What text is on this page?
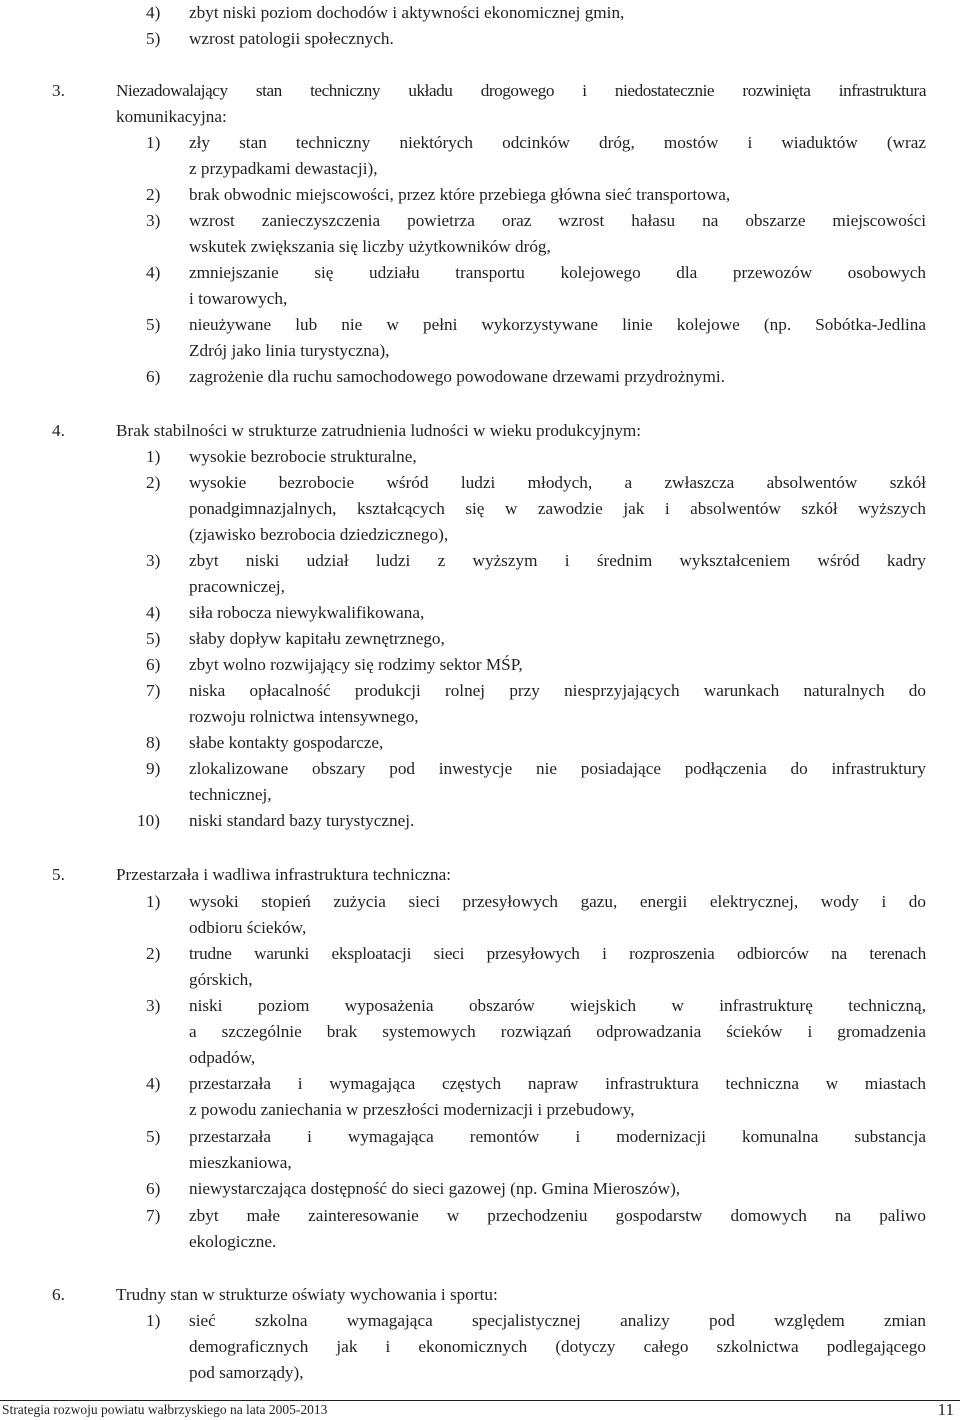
4) zbyt niski poziom dochodów i aktywności ekonomicznej gmin,
5) wzrost patologii społecznych.
3.	Niezadowalający stan techniczny układu drogowego i niedostatecznie rozwinięta infrastruktura
komunikacyjna:
1) zły stan techniczny niektórych odcinków dróg, mostów i wiaduktów (wraz
z przypadkami dewastacji),
2) brak obwodnic miejscowości, przez które przebiega główna sieć transportowa,
3) wzrost zanieczyszczenia powietrza oraz wzrost hałasu na obszarze miejscowości
wskutek zwiększania się liczby użytkowników dróg,
4) zmniejszanie się udziału transportu kolejowego dla przewozów osobowych
i towarowych,
5) nieużywane lub nie w pełni wykorzystywane linie kolejowe (np. Sobótka-Jedlina
Zdrój jako linia turystyczna),
6) zagrożenie dla ruchu samochodowego powodowane drzewami przydrożnymi.
4.	Brak stabilności w strukturze zatrudnienia ludności w wieku produkcyjnym:
1) wysokie bezrobocie strukturalne,
2) wysokie bezrobocie wśród ludzi młodych, a zwłaszcza absolwentów szkół
ponadgimnazjalnych, kształcących się w zawodzie jak i absolwentów szkół wyższych
(zjawisko bezrobocia dziedzicznego),
3) zbyt niski udział ludzi z wyższym i średnim wykształceniem wśród kadry
pracowniczej,
4) siła robocza niewykwalifikowana,
5) słaby dopływ kapitału zewnętrznego,
6) zbyt wolno rozwijający się rodzimy sektor MŚP,
7) niska opłacalność produkcji rolnej przy niesprzyjających warunkach naturalnych do
rozwoju rolnictwa intensywnego,
8) słabe kontakty gospodarcze,
9) zlokalizowane obszary pod inwestycje nie posiadające podłączenia do infrastruktury
technicznej,
10) niski standard bazy turystycznej.
5.	Przestarzała i wadliwa infrastruktura techniczna:
1) wysoki stopień zużycia sieci przesyłowych gazu, energii elektrycznej, wody i do
odbioru ścieków,
2) trudne warunki eksploatacji sieci przesyłowych i rozproszenia odbiorców na terenach
górskich,
3) niski poziom wyposażenia obszarów wiejskich w infrastrukturę techniczną,
a szczególnie brak systemowych rozwiązań odprowadzania ścieków i gromadzenia
odpadów,
4) przestarzała i wymagająca częstych napraw infrastruktura techniczna w miastach
z powodu zaniechania w przeszłości modernizacji i przebudowy,
5) przestarzała i wymagająca remontów i modernizacji komunalna substancja
mieszkaniowa,
6) niewystarczająca dostępność do sieci gazowej (np. Gmina Mieroszów),
7) zbyt małe zainteresowanie w przechodzeniu gospodarstw domowych na paliwo
ekologiczne.
6.	Trudny stan w strukturze oświaty wychowania i sportu:
1) sieć szkolna wymagająca specjalistycznej analizy pod względem zmian
demograficznych jak i ekonomicznych (dotyczy całego szkolnictwa podlegającego
pod samorządy),
Strategia rozwoju powiatu wałbrzyskiego na lata 2005-2013	11
